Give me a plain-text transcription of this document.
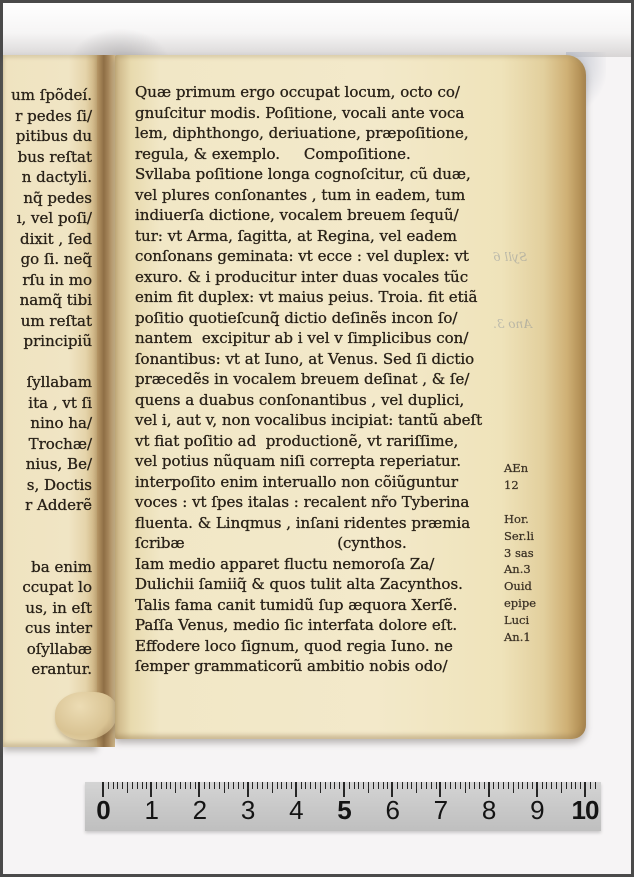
um ſpõdeí.
r pedes ſi/
pitibus du
bus reſtat
n dactyli.
nq̃ pedes
ı, vel poſi/
dixit , ſed
go ſi. neq̃
rſu in mo
namq̃ tibi
um reſtat
principiũ

ſyllabam
ita , vt ſi
nino ha/
Trochæ/
nius, Be/
s, Doctis
r Adderẽ

ba enim
ccupat lo
us, in eſt
cus inter
oſyllabæ
erantur.
Quæ primum ergo occupat locum, octo co/
gnuſcitur modis. Poſitione, vocali ante voca
lem, diphthongo, deriuatione, præpoſitione,
regula, & exemplo.     Compoſitione.
Svllaba poſitione longa cognoſcitur, cũ duæ,
vel plures conſonantes , tum in eadem, tum
indiuerſa dictione, vocalem breuem ſequũ/
tur: vt Arma, ſagitta, at Regina, vel eadem
conſonans geminata: vt ecce : vel duplex: vt
exuro. & i producitur inter duas vocales tũc
enim fit duplex: vt maius peius. Troia. fit etiã
poſitio quotieſcunq̃ dictio deſinẽs incon ſo/
nantem  excipitur ab i vel v ſimplicibus con/
ſonantibus: vt at Iuno, at Venus. Sed ſi dictio
præcedẽs in vocalem breuem deſinat , & ſe/
quens a duabus conſonantibus , vel duplici,
vel i, aut v, non vocalibus incipiat: tantũ abeſt
vt fiat poſitio ad  productionẽ, vt rariſſime,
vel potius nũquam niſi correpta reperiatur.
interpoſito enim interuallo non cõiũguntur
voces : vt ſpes italas : recalent nr̃o Tyberina
fluenta. & Linqmus , inſani ridentes præmia
ſcribæ                                (cynthos.
Iam medio apparet fluctu nemoroſa Za/
Dulichii ſamiiq̃ & quos tulit alta Zacynthos.
Talis fama canit tumidũ ſup æquora Xerſẽ.
Paſſa Venus, medio ſic interfata dolore eſt.
Effodere loco ſignum, quod regia Iuno. ne
ſemper grammaticorũ ambitio nobis odo/
AEn
12
Hor.
Ser.li
3 sas
An.3
Ouid
epipe
Luci
An.1
Syll 6
Ano 3.
0 1 2 3 4 5 6 7 8 9 10
